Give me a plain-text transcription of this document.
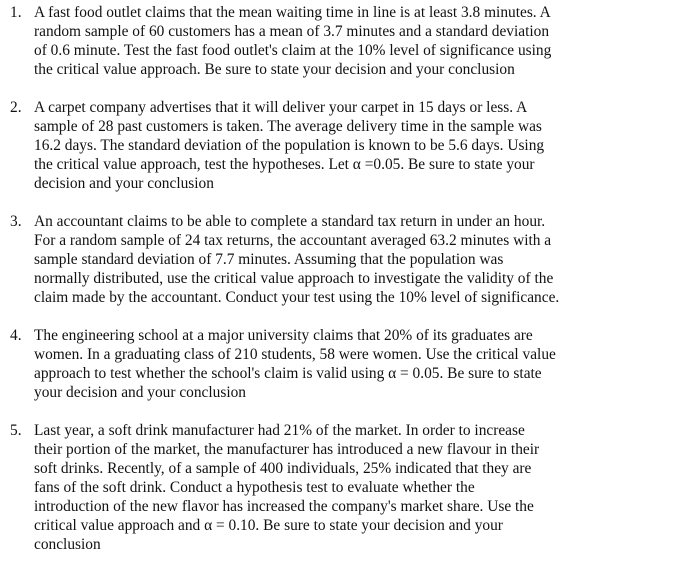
1. A fast food outlet claims that the mean waiting time in line is at least 3.8 minutes. A
random sample of 60 customers has a mean of 3.7 minutes and a standard deviation
of 0.6 minute. Test the fast food outlet's claim at the 10% level of significance using
the critical value approach. Be sure to state your decision and your conclusion
2. A carpet company advertises that it will deliver your carpet in 15 days or less. A
sample of 28 past customers is taken. The average delivery time in the sample was
16.2 days. The standard deviation of the population is known to be 5.6 days. Using
the critical value approach, test the hypotheses. Let α =0.05. Be sure to state your
decision and your conclusion
3. An accountant claims to be able to complete a standard tax return in under an hour.
For a random sample of 24 tax returns, the accountant averaged 63.2 minutes with a
sample standard deviation of 7.7 minutes. Assuming that the population was
normally distributed, use the critical value approach to investigate the validity of the
claim made by the accountant. Conduct your test using the 10% level of significance.
4. The engineering school at a major university claims that 20% of its graduates are
women. In a graduating class of 210 students, 58 were women. Use the critical value
approach to test whether the school's claim is valid using α = 0.05. Be sure to state
your decision and your conclusion
5. Last year, a soft drink manufacturer had 21% of the market. In order to increase
their portion of the market, the manufacturer has introduced a new flavour in their
soft drinks. Recently, of a sample of 400 individuals, 25% indicated that they are
fans of the soft drink. Conduct a hypothesis test to evaluate whether the
introduction of the new flavor has increased the company's market share. Use the
critical value approach and α = 0.10. Be sure to state your decision and your
conclusion
